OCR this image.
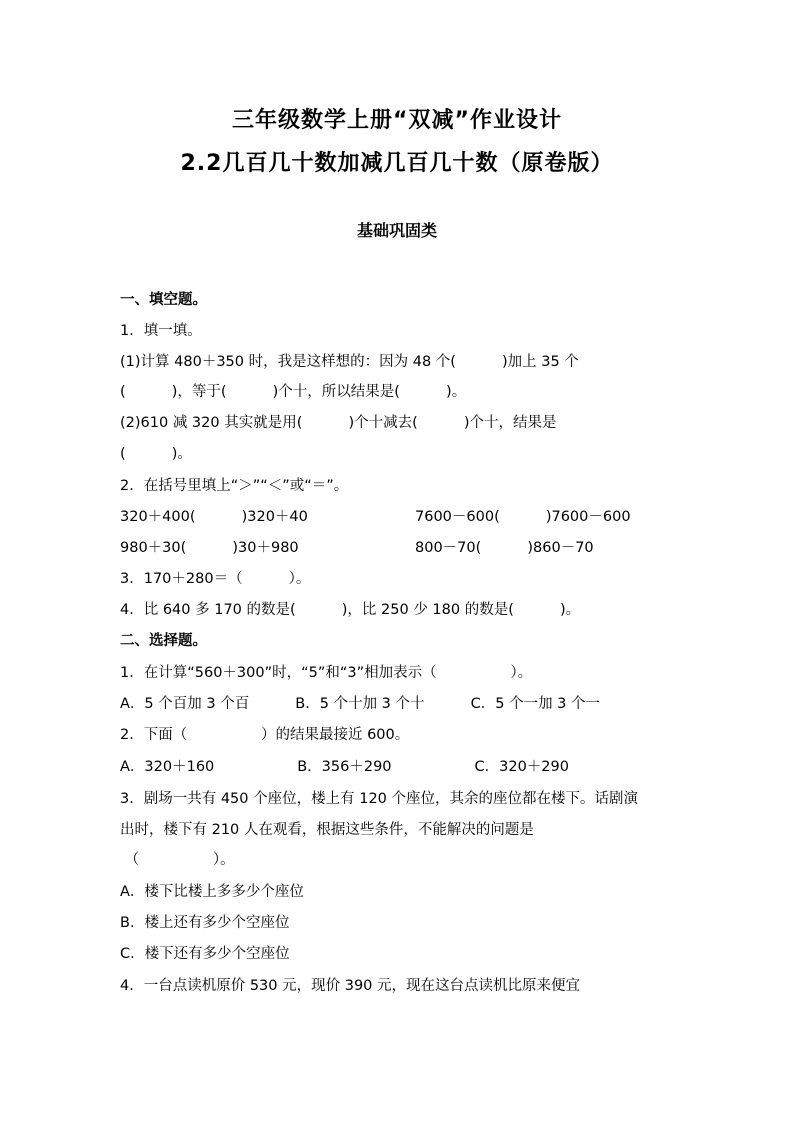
三年级数学上册“双减”作业设计
2.2几百几十数加减几百几十数（原卷版）
基础巩固类
一、填空题。
1．填一填。
(1)计算 480＋350 时，我是这样想的：因为 48 个(          )加上 35 个
(          )，等于(          )个十，所以结果是(          )。
(2)610 减 320 其实就是用(          )个十减去(          )个十，结果是
(          )。
2．在括号里填上“＞”“＜”或“＝”。
320＋400(          )320＋40	7600－600(          )7600－600
980＋30(          )30＋980	800－70(          )860－70
3．170＋280＝（          ）。
4．比 640 多 170 的数是(          )，比 250 少 180 的数是(          )。
二、选择题。
1．在计算“560＋300”时，“5”和“3”相加表示（                ）。
A．5 个百加 3 个百          B．5 个十加 3 个十          C．5 个一加 3 个一
2．下面（                ）的结果最接近 600。
A．320＋160                  B．356＋290                  C．320＋290
3．剧场一共有 450 个座位，楼上有 120 个座位，其余的座位都在楼下。话剧演
出时，楼下有 210 人在观看，根据这些条件，不能解决的问题是
（                ）。
A．楼下比楼上多多少个座位
B．楼上还有多少个空座位
C．楼下还有多少个空座位
4．一台点读机原价 530 元，现价 390 元，现在这台点读机比原来便宜
